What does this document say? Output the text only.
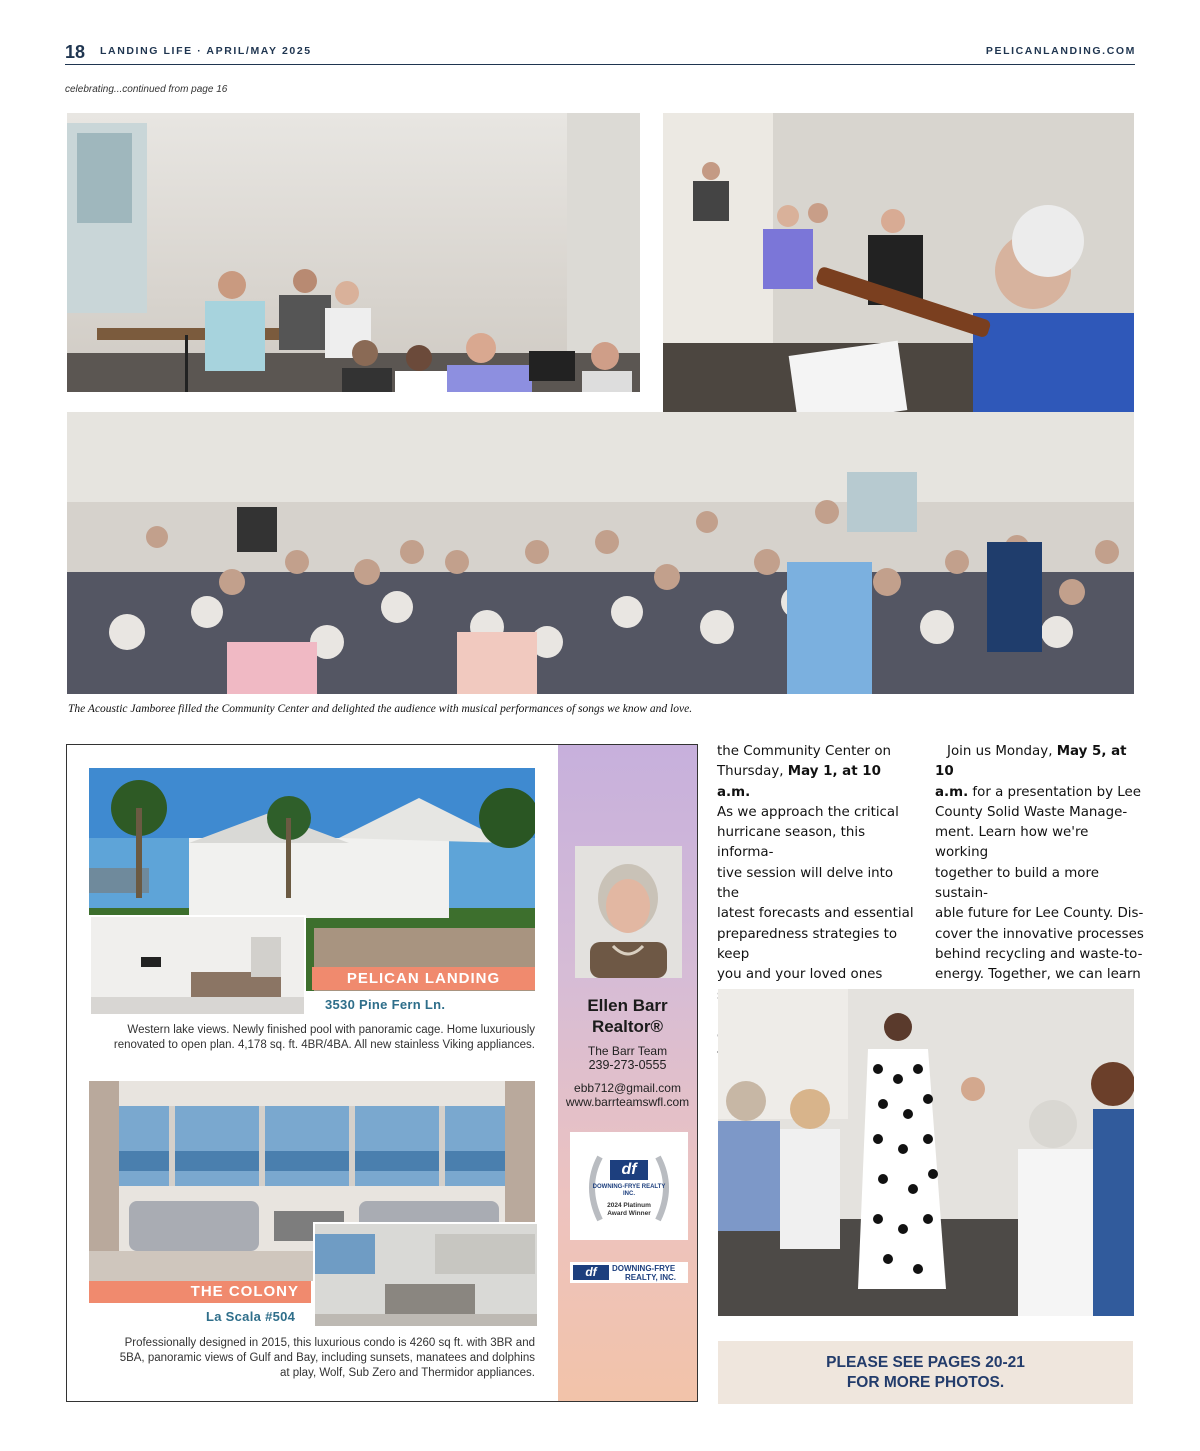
18 LANDING LIFE · APRIL/MAY 2025	PELICANLANDING.COM
celebrating...continued from page 16
The Acoustic Jamboree filled the Community Center and delighted the audience with musical performances of songs we know and love.
PELICAN LANDING
3530 Pine Fern Ln.
Western lake views. Newly finished pool with panoramic cage. Home luxuriously
renovated to open plan. 4,178 sq. ft. 4BR/4BA. All new stainless Viking appliances.
THE COLONY
La Scala #504
Professionally designed in 2015, this luxurious condo is 4260 sq ft. with 3BR and
5BA, panoramic views of Gulf and Bay, including sunsets, manatees and dolphins
at play, Wolf, Sub Zero and Thermidor appliances.
Ellen Barr
Realtor®
The Barr Team
239-273-0555
ebb712@gmail.com
www.barrteamswfl.com
df
DOWNING-FRYE REALTY INC.
2024 Platinum
Award Winner
df	DOWNING-FRYE
REALTY, INC.
the Community Center on
Thursday, May 1, at 10 a.m.
As we approach the critical
hurricane season, this informa-
tive session will delve into the
latest forecasts and essential
preparedness strategies to keep
you and your loved ones
Join us Monday, May 5, at 10
a.m. for a presentation by Lee
County Solid Waste Manage-
ment. Learn how we're working
together to build a more sustain-
able future for Lee County. Dis-
cover the innovative processes
behind recycling and waste-to-
energy. Together, we can learn
PLEASE SEE PAGES 20-21
FOR MORE PHOTOS.
